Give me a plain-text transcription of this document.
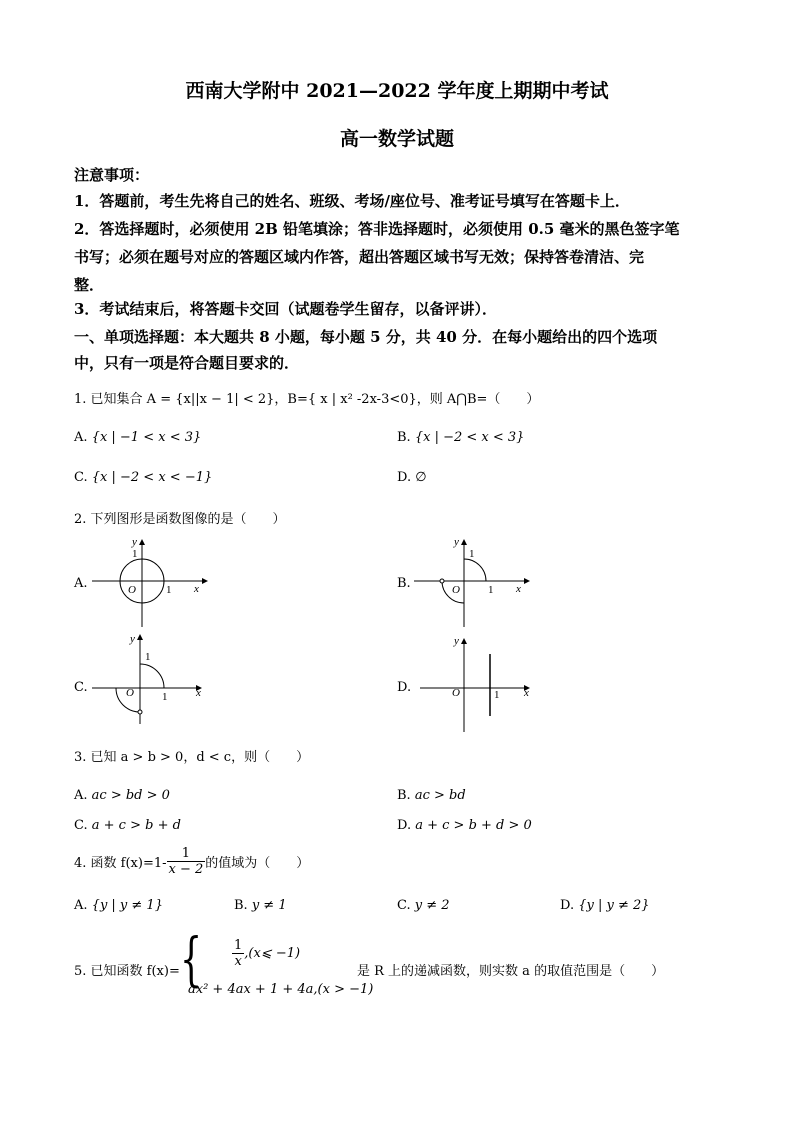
西南大学附中 2021—2022 学年度上期期中考试
高一数学试题
注意事项：
1．答题前，考生先将自己的姓名、班级、考场/座位号、准考证号填写在答题卡上．
2．答选择题时，必须使用 2B 铅笔填涂；答非选择题时，必须使用 0.5 毫米的黑色签字笔
书写；必须在题号对应的答题区域内作答，超出答题区域书写无效；保持答卷清洁、完
整．
3．考试结束后，将答题卡交回（试题卷学生留存，以备评讲）．
一、单项选择题：本大题共 8 小题，每小题 5 分，共 40 分．在每小题给出的四个选项
中，只有一项是符合题目要求的．
1. 已知集合 A = {x||x − 1| < 2}，B={ x | x² -2x-3<0}，则 A⋂B=（　　）
A. {x | −1 < x < 3}	B. {x | −2 < x < 3}
C. {x | −2 < x < −1}	D. ∅
2. 下列图形是函数图像的是（　　）
A.	B.
C.	D.
y
x
O
1
1
y
x
O
1
1
y
x
O
1
1
y
x
O	1
3. 已知 a > b > 0，d < c，则（　　）
A. ac > bd > 0	B. ac > bd
C. a + c > b + d	D. a + c > b + d > 0
4. 函数 $f(x)=1- \frac{1}{x - 2}$ 的值域为（　　）
A. {y | y ≠ 1}	B. y ≠ 1	C. y ≠ 2	D. {y | y ≠ 2}
5. 已知函数 f(x)= { $\frac{1}{x}$ ,(x⩽ −1)
ax² + 4ax + 1 + 4a,(x > −1)
是 R 上的递减函数，则实数 a 的取值范围是（　　）
